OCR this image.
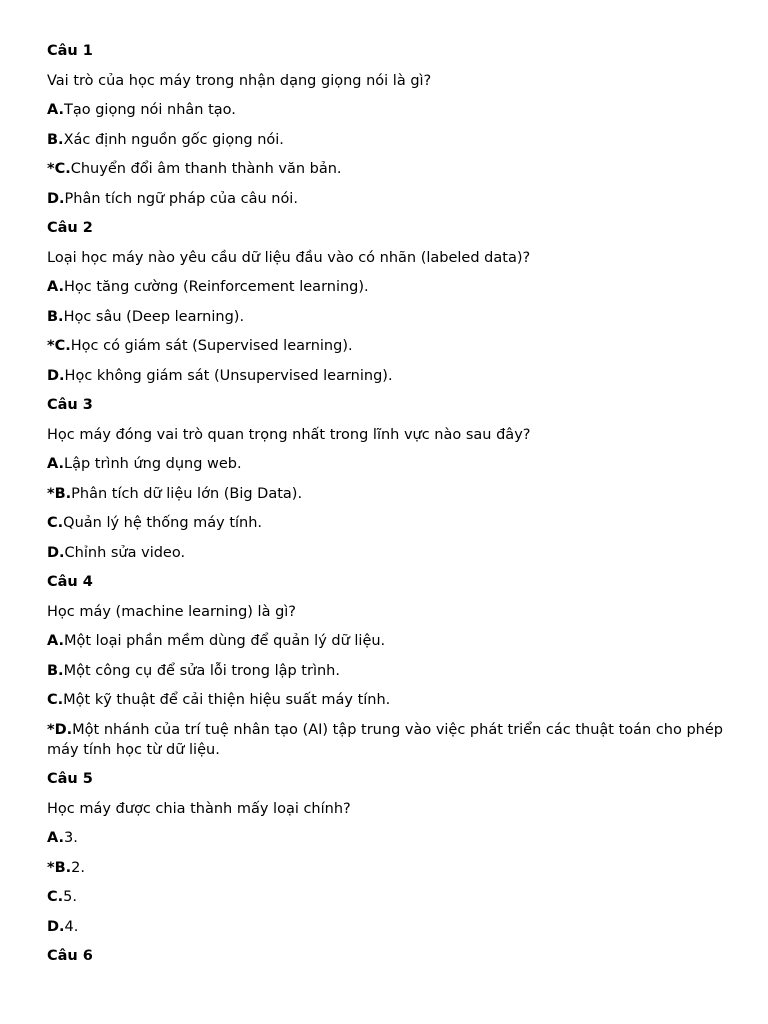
Câu 1
Vai trò của học máy trong nhận dạng giọng nói là gì?
A.Tạo giọng nói nhân tạo.
B.Xác định nguồn gốc giọng nói.
*C.Chuyển đổi âm thanh thành văn bản.
D.Phân tích ngữ pháp của câu nói.
Câu 2
Loại học máy nào yêu cầu dữ liệu đầu vào có nhãn (labeled data)?
A.Học tăng cường (Reinforcement learning).
B.Học sâu (Deep learning).
*C.Học có giám sát (Supervised learning).
D.Học không giám sát (Unsupervised learning).
Câu 3
Học máy đóng vai trò quan trọng nhất trong lĩnh vực nào sau đây?
A.Lập trình ứng dụng web.
*B.Phân tích dữ liệu lớn (Big Data).
C.Quản lý hệ thống máy tính.
D.Chỉnh sửa video.
Câu 4
Học máy (machine learning) là gì?
A.Một loại phần mềm dùng để quản lý dữ liệu.
B.Một công cụ để sửa lỗi trong lập trình.
C.Một kỹ thuật để cải thiện hiệu suất máy tính.
*D.Một nhánh của trí tuệ nhân tạo (AI) tập trung vào việc phát triển các thuật toán cho phép máy tính học từ dữ liệu.
Câu 5
Học máy được chia thành mấy loại chính?
A.3.
*B.2.
C.5.
D.4.
Câu 6
